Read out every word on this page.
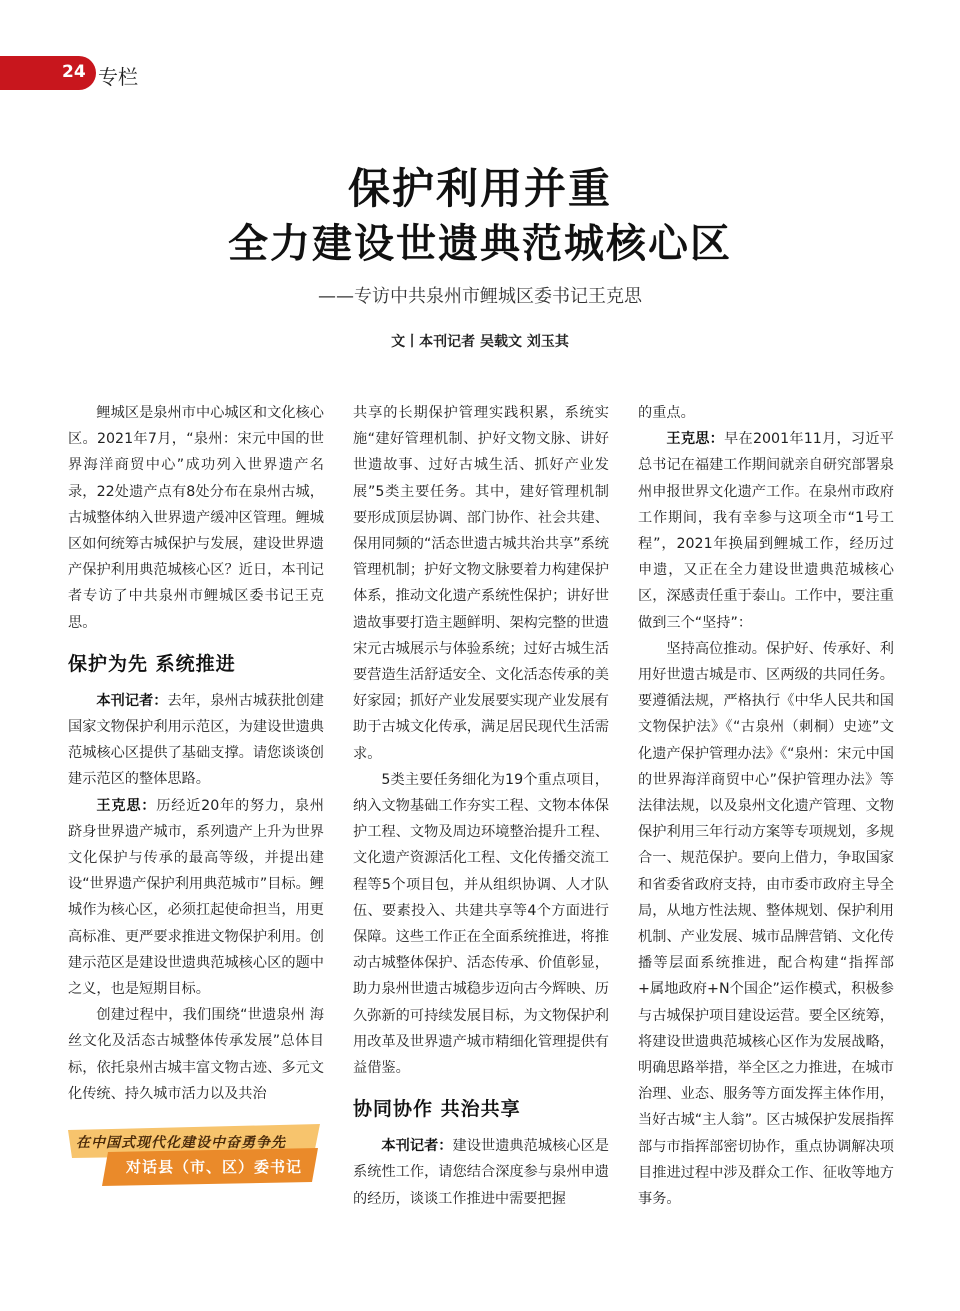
24 专栏
保护利用并重
全力建设世遗典范城核心区
——专访中共泉州市鲤城区委书记王克思
文丨本刊记者 吴载文 刘玉其

鲤城区是泉州市中心城区和文化核心区。2021年7月，“泉州：宋元中国的世界海洋商贸中心”成功列入世界遗产名录，22处遗产点有8处分布在泉州古城，古城整体纳入世界遗产缓冲区管理。鲤城区如何统筹古城保护与发展，建设世界遗产保护利用典范城核心区？近日，本刊记者专访了中共泉州市鲤城区委书记王克思。

保护为先 系统推进

本刊记者：去年，泉州古城获批创建国家文物保护利用示范区，为建设世遗典范城核心区提供了基础支撑。请您谈谈创建示范区的整体思路。

王克思：历经近20年的努力，泉州跻身世界遗产城市，系列遗产上升为世界文化保护与传承的最高等级，并提出建设“世界遗产保护利用典范城市”目标。鲤城作为核心区，必须扛起使命担当，用更高标准、更严要求推进文物保护利用。创建示范区是建设世遗典范城核心区的题中之义，也是短期目标。

创建过程中，我们围绕“世遗泉州 海丝文化及活态古城整体传承发展”总体目标，依托泉州古城丰富文物古迹、多元文化传统、持久城市活力以及共治

共享的长期保护管理实践积累，系统实施“建好管理机制、护好文物文脉、讲好世遗故事、过好古城生活、抓好产业发展”5类主要任务。其中，建好管理机制要形成顶层协调、部门协作、社会共建、保用同频的“活态世遗古城共治共享”系统管理机制；护好文物文脉要着力构建保护体系，推动文化遗产系统性保护；讲好世遗故事要打造主题鲜明、架构完整的世遗宋元古城展示与体验系统；过好古城生活要营造生活舒适安全、文化活态传承的美好家园；抓好产业发展要实现产业发展有助于古城文化传承，满足居民现代生活需求。

5类主要任务细化为19个重点项目，纳入文物基础工作夯实工程、文物本体保护工程、文物及周边环境整治提升工程、文化遗产资源活化工程、文化传播交流工程等5个项目包，并从组织协调、人才队伍、要素投入、共建共享等4个方面进行保障。这些工作正在全面系统推进，将推动古城整体保护、活态传承、价值彰显，助力泉州世遗古城稳步迈向古今辉映、历久弥新的可持续发展目标，为文物保护利用改革及世界遗产城市精细化管理提供有益借鉴。

协同协作 共治共享

本刊记者：建设世遗典范城核心区是系统性工作，请您结合深度参与泉州申遗的经历，谈谈工作推进中需要把握

的重点。

王克思：早在2001年11月，习近平总书记在福建工作期间就亲自研究部署泉州申报世界文化遗产工作。在泉州市政府工作期间，我有幸参与这项全市“1号工程”，2021年换届到鲤城工作，经历过申遗，又正在全力建设世遗典范城核心区，深感责任重于泰山。工作中，要注重做到三个“坚持”：

坚持高位推动。保护好、传承好、利用好世遗古城是市、区两级的共同任务。要遵循法规，严格执行《中华人民共和国文物保护法》《“古泉州（刺桐）史迹”文化遗产保护管理办法》《“泉州：宋元中国的世界海洋商贸中心”保护管理办法》等法律法规，以及泉州文化遗产管理、文物保护利用三年行动方案等专项规划，多规合一、规范保护。要向上借力，争取国家和省委省政府支持，由市委市政府主导全局，从地方性法规、整体规划、保护利用机制、产业发展、城市品牌营销、文化传播等层面系统推进，配合构建“指挥部+属地政府+N个国企”运作模式，积极参与古城保护项目建设运营。要全区统筹，将建设世遗典范城核心区作为发展战略，明确思路举措，举全区之力推进，在城市治理、业态、服务等方面发挥主体作用，当好古城“主人翁”。区古城保护发展指挥部与市指挥部密切协作，重点协调解决项目推进过程中涉及群众工作、征收等地方事务。

在中国式现代化建设中奋勇争先
对话县（市、区）委书记
